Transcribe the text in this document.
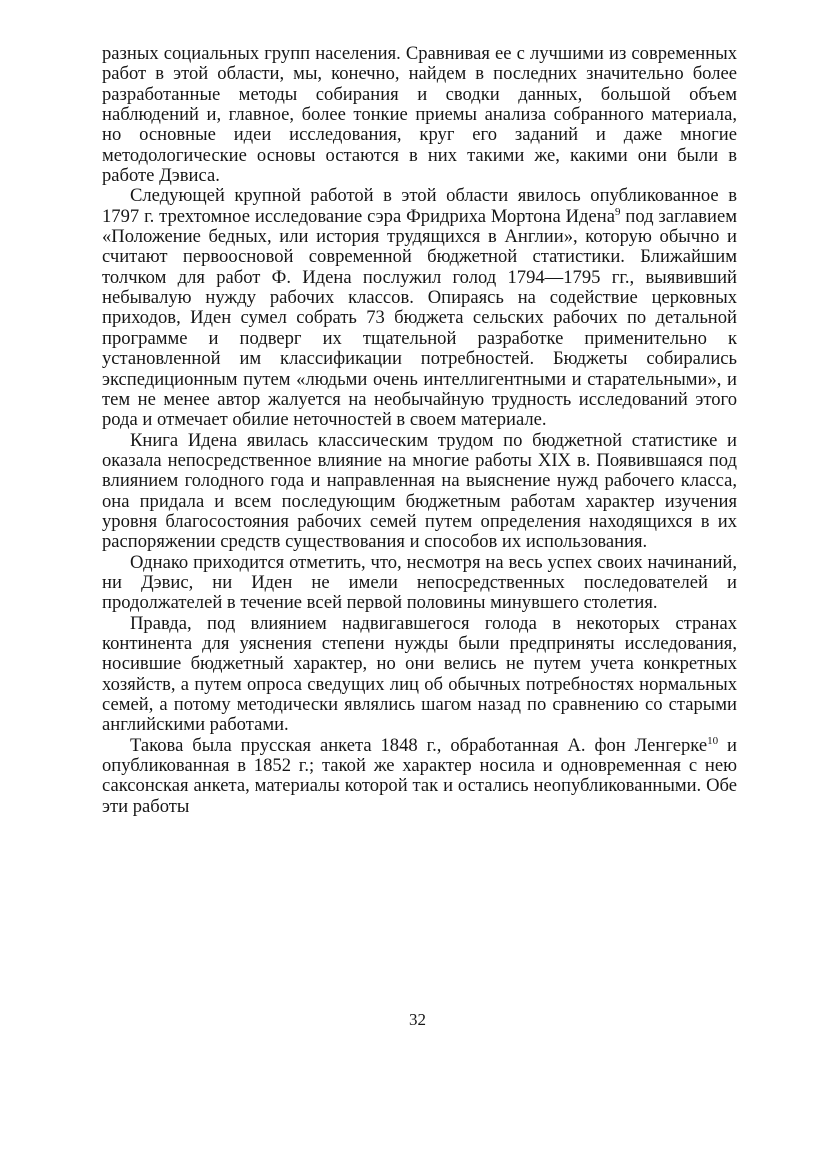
разных социальных групп населения. Сравнивая ее с лучшими из современных работ в этой области, мы, конечно, найдем в последних значительно более разработанные методы собирания и сводки данных, большой объем наблюдений и, главное, более тонкие приемы анализа собранного материала, но основные идеи исследования, круг его заданий и даже многие методологические основы остаются в них такими же, какими они были в работе Дэвиса.

Следующей крупной работой в этой области явилось опубликованное в 1797 г. трехтомное исследование сэра Фридриха Мортона Идена$^9$ под заглавием «Положение бедных, или история трудящихся в Англии», которую обычно и считают первоосновой современной бюджетной статистики. Ближайшим толчком для работ Ф. Идена послужил голод 1794—1795 гг., выявивший небывалую нужду рабочих классов. Опираясь на содействие церковных приходов, Иден сумел собрать 73 бюджета сельских рабочих по детальной программе и подверг их тщательной разработке применительно к установленной им классификации потребностей. Бюджеты собирались экспедиционным путем «людьми очень интеллигентными и старательными», и тем не менее автор жалуется на необычайную трудность исследований этого рода и отмечает обилие неточностей в своем материале.

Книга Идена явилась классическим трудом по бюджетной статистике и оказала непосредственное влияние на многие работы XIX в. Появившаяся под влиянием голодного года и направленная на выяснение нужд рабочего класса, она придала и всем последующим бюджетным работам характер изучения уровня благосостояния рабочих семей путем определения находящихся в их распоряжении средств существования и способов их использования.

Однако приходится отметить, что, несмотря на весь успех своих начинаний, ни Дэвис, ни Иден не имели непосредственных последователей и продолжателей в течение всей первой половины минувшего столетия.

Правда, под влиянием надвигавшегося голода в некоторых странах континента для уяснения степени нужды были предприняты исследования, носившие бюджетный характер, но они велись не путем учета конкретных хозяйств, а путем опроса сведущих лиц об обычных потребностях нормальных семей, а потому методически являлись шагом назад по сравнению со старыми английскими работами.

Такова была прусская анкета 1848 г., обработанная А. фон Ленгерке$^{10}$ и опубликованная в 1852 г.; такой же характер носила и одновременная с нею саксонская анкета, материалы которой так и остались неопубликованными. Обе эти работы

32
